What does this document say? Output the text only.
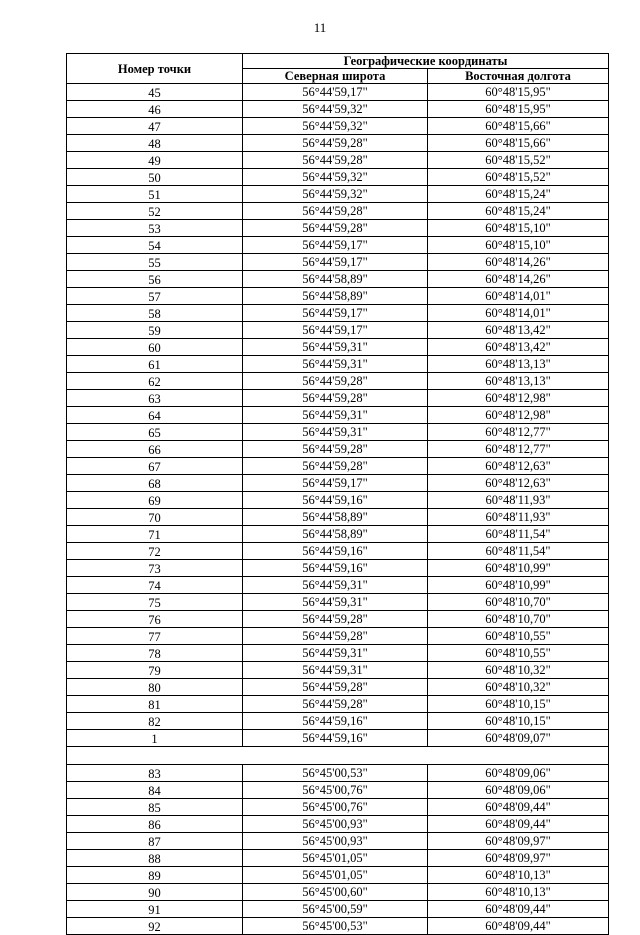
11
Номер точки	Географические координаты	
	Северная широта	Восточная долгота
45	56°44'59,17"	60°48'15,95"
46	56°44'59,32"	60°48'15,95"
47	56°44'59,32"	60°48'15,66"
48	56°44'59,28"	60°48'15,66"
49	56°44'59,28"	60°48'15,52"
50	56°44'59,32"	60°48'15,52"
51	56°44'59,32"	60°48'15,24"
52	56°44'59,28"	60°48'15,24"
53	56°44'59,28"	60°48'15,10"
54	56°44'59,17"	60°48'15,10"
55	56°44'59,17"	60°48'14,26"
56	56°44'58,89"	60°48'14,26"
57	56°44'58,89"	60°48'14,01"
58	56°44'59,17"	60°48'14,01"
59	56°44'59,17"	60°48'13,42"
60	56°44'59,31"	60°48'13,42"
61	56°44'59,31"	60°48'13,13"
62	56°44'59,28"	60°48'13,13"
63	56°44'59,28"	60°48'12,98"
64	56°44'59,31"	60°48'12,98"
65	56°44'59,31"	60°48'12,77"
66	56°44'59,28"	60°48'12,77"
67	56°44'59,28"	60°48'12,63"
68	56°44'59,17"	60°48'12,63"
69	56°44'59,16"	60°48'11,93"
70	56°44'58,89"	60°48'11,93"
71	56°44'58,89"	60°48'11,54"
72	56°44'59,16"	60°48'11,54"
73	56°44'59,16"	60°48'10,99"
74	56°44'59,31"	60°48'10,99"
75	56°44'59,31"	60°48'10,70"
76	56°44'59,28"	60°48'10,70"
77	56°44'59,28"	60°48'10,55"
78	56°44'59,31"	60°48'10,55"
79	56°44'59,31"	60°48'10,32"
80	56°44'59,28"	60°48'10,32"
81	56°44'59,28"	60°48'10,15"
82	56°44'59,16"	60°48'10,15"
1	56°44'59,16"	60°48'09,07"

83	56°45'00,53"	60°48'09,06"
84	56°45'00,76"	60°48'09,06"
85	56°45'00,76"	60°48'09,44"
86	56°45'00,93"	60°48'09,44"
87	56°45'00,93"	60°48'09,97"
88	56°45'01,05"	60°48'09,97"
89	56°45'01,05"	60°48'10,13"
90	56°45'00,60"	60°48'10,13"
91	56°45'00,59"	60°48'09,44"
92	56°45'00,53"	60°48'09,44"
